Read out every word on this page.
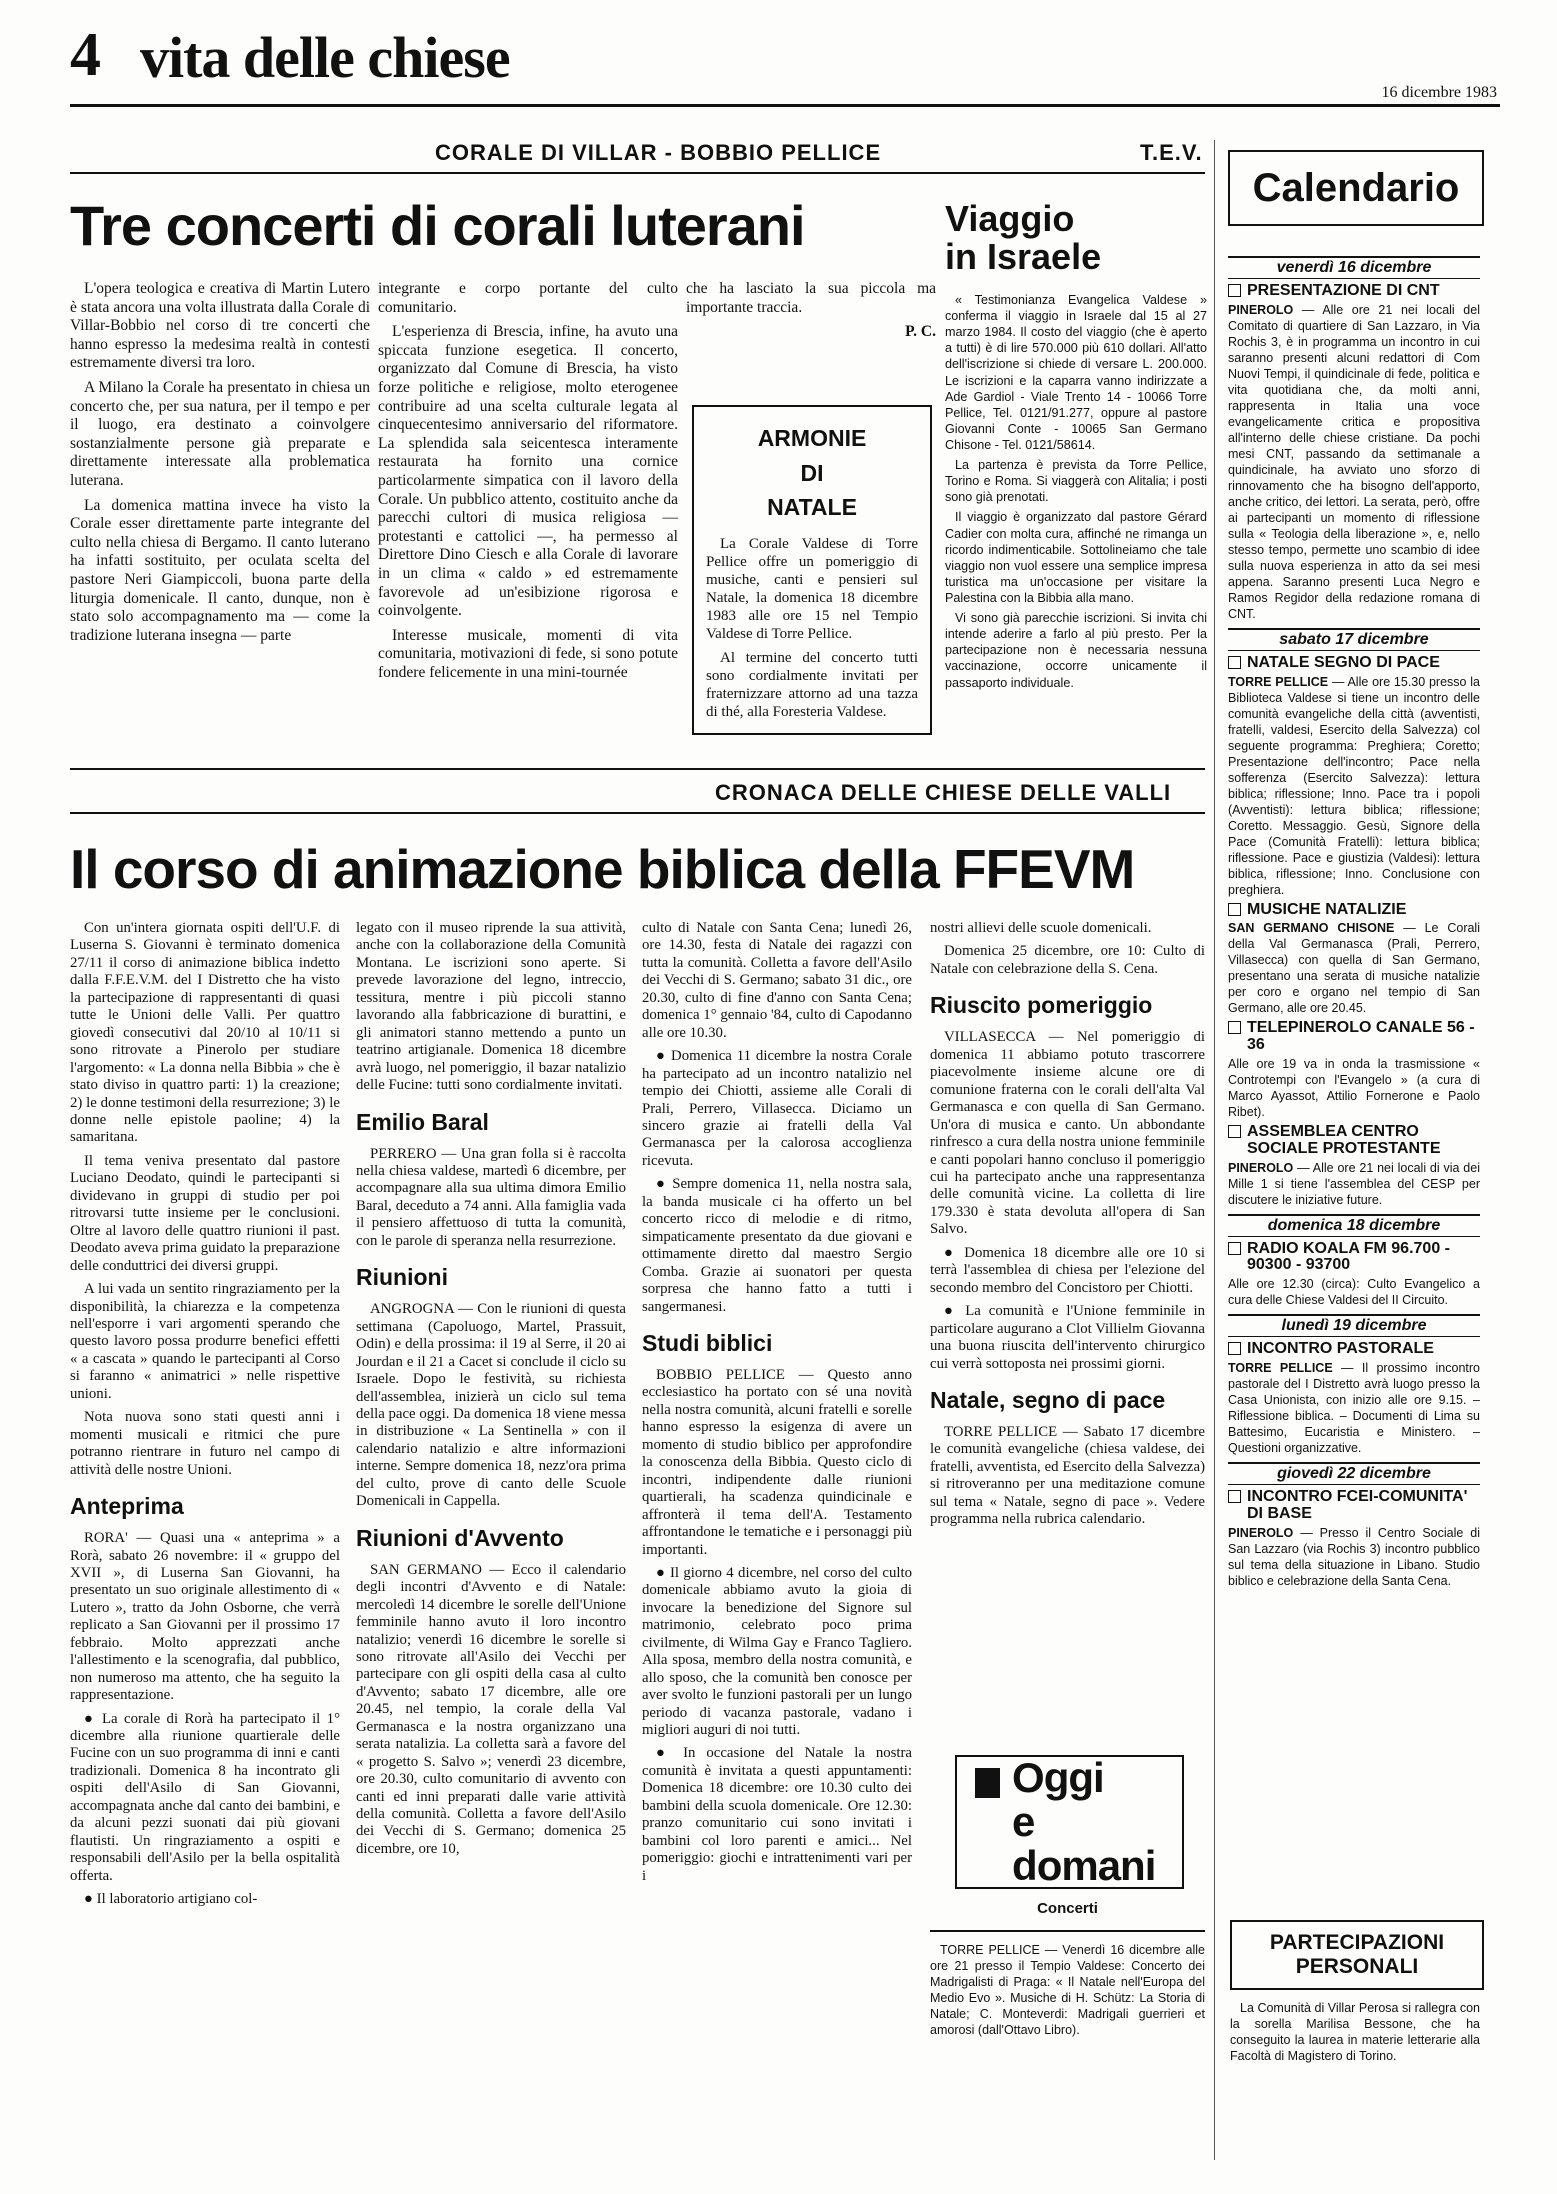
4 vita delle chiese
16 dicembre 1983
CORALE DI VILLAR - BOBBIO PELLICE
Tre concerti di corali luterani

L'opera teologica e creativa di Martin Lutero è stata ancora una volta illustrata dalla Corale di Villar-Bobbio nel corso di tre concerti che hanno espresso la medesima realtà in contesti estremamente diversi tra loro.

A Milano la Corale ha presentato in chiesa un concerto che, per sua natura, per il tempo e per il luogo, era destinato a coinvolgere sostanzialmente persone già preparate e direttamente interessate alla problematica luterana.

La domenica mattina invece ha visto la Corale esser direttamente parte integrante del culto nella chiesa di Bergamo. Il canto luterano ha infatti sostituito, per oculata scelta del pastore Neri Giampiccoli, buona parte della liturgia domenicale. Il canto, dunque, non è stato solo accompagnamento ma — come la tradizione luterana insegna — parte

integrante e corpo portante del culto comunitario.

L'esperienza di Brescia, infine, ha avuto una spiccata funzione esegetica. Il concerto, organizzato dal Comune di Brescia, ha visto forze politiche e religiose, molto eterogenee contribuire ad una scelta culturale legata al cinquecentesimo anniversario del riformatore. La splendida sala seicentesca interamente restaurata ha fornito una cornice particolarmente simpatica con il lavoro della Corale. Un pubblico attento, costituito anche da parecchi cultori di musica religiosa — protestanti e cattolici —, ha permesso al Direttore Dino Ciesch e alla Corale di lavorare in un clima « caldo » ed estremamente favorevole ad un'esibizione rigorosa e coinvolgente.

Interesse musicale, momenti di vita comunitaria, motivazioni di fede, si sono potute fondere felicemente in una mini-tournée

che ha lasciato la sua piccola ma importante traccia.

P. C.

ARMONIE
DI
NATALE

La Corale Valdese di Torre Pellice offre un pomeriggio di musiche, canti e pensieri sul Natale, la domenica 18 dicembre 1983 alle ore 15 nel Tempio Valdese di Torre Pellice.

Al termine del concerto tutti sono cordialmente invitati per fraternizzare attorno ad una tazza di thé, alla Foresteria Valdese.

T.E.V.
Viaggio
in Israele

« Testimonianza Evangelica Valdese » conferma il viaggio in Israele dal 15 al 27 marzo 1984. Il costo del viaggio (che è aperto a tutti) è di lire 570.000 più 610 dollari. All'atto dell'iscrizione si chiede di versare L. 200.000. Le iscrizioni e la caparra vanno indirizzate a Ade Gardiol - Viale Trento 14 - 10066 Torre Pellice, Tel. 0121/91.277, oppure al pastore Giovanni Conte - 10065 San Germano Chisone - Tel. 0121/58614.

La partenza è prevista da Torre Pellice, Torino e Roma. Si viaggerà con Alitalia; i posti sono già prenotati.

Il viaggio è organizzato dal pastore Gérard Cadier con molta cura, affinché ne rimanga un ricordo indimenticabile. Sottolineiamo che tale viaggio non vuol essere una semplice impresa turistica ma un'occasione per visitare la Palestina con la Bibbia alla mano.

Vi sono già parecchie iscrizioni. Si invita chi intende aderire a farlo al più presto. Per la partecipazione non è necessaria nessuna vaccinazione, occorre unicamente il passaporto individuale.

Calendario
venerdì 16 dicembre
PRESENTAZIONE DI CNT
PINEROLO — Alle ore 21 nei locali del Comitato di quartiere di San Lazzaro, in Via Rochis 3, è in programma un incontro in cui saranno presenti alcuni redattori di Com Nuovi Tempi, il quindicinale di fede, politica e vita quotidiana che, da molti anni, rappresenta in Italia una voce evangelicamente critica e propositiva all'interno delle chiese cristiane. Da pochi mesi CNT, passando da settimanale a quindicinale, ha avviato uno sforzo di rinnovamento che ha bisogno dell'apporto, anche critico, dei lettori. La serata, però, offre ai partecipanti un momento di riflessione sulla « Teologia della liberazione », e, nello stesso tempo, permette uno scambio di idee sulla nuova esperienza in atto da sei mesi appena. Saranno presenti Luca Negro e Ramos Regidor della redazione romana di CNT.
sabato 17 dicembre
NATALE SEGNO DI PACE
TORRE PELLICE — Alle ore 15.30 presso la Biblioteca Valdese si tiene un incontro delle comunità evangeliche della città (avventisti, fratelli, valdesi, Esercito della Salvezza) col seguente programma: Preghiera; Coretto; Presentazione dell'incontro; Pace nella sofferenza (Esercito Salvezza): lettura biblica; riflessione; Inno. Pace tra i popoli (Avventisti): lettura biblica; riflessione; Coretto. Messaggio. Gesù, Signore della Pace (Comunità Fratelli): lettura biblica; riflessione. Pace e giustizia (Valdesi): lettura biblica, riflessione; Inno. Conclusione con preghiera.
MUSICHE NATALIZIE
SAN GERMANO CHISONE — Le Corali della Val Germanasca (Prali, Perrero, Villasecca) con quella di San Germano, presentano una serata di musiche natalizie per coro e organo nel tempio di San Germano, alle ore 20.45.
TELEPINEROLO CANALE 56 - 36
Alle ore 19 va in onda la trasmissione « Controtempi con l'Evangelo » (a cura di Marco Ayassot, Attilio Fornerone e Paolo Ribet).
ASSEMBLEA CENTRO SOCIALE PROTESTANTE
PINEROLO — Alle ore 21 nei locali di via dei Mille 1 si tiene l'assemblea del CESP per discutere le iniziative future.
domenica 18 dicembre
RADIO KOALA FM 96.700 - 90300 - 93700
Alle ore 12.30 (circa): Culto Evangelico a cura delle Chiese Valdesi del II Circuito.
lunedì 19 dicembre
INCONTRO PASTORALE
TORRE PELLICE — Il prossimo incontro pastorale del I Distretto avrà luogo presso la Casa Unionista, con inizio alle ore 9.15. – Riflessione biblica. – Documenti di Lima su Battesimo, Eucaristia e Ministero. – Questioni organizzative.
giovedì 22 dicembre
INCONTRO FCEI-COMUNITA' DI BASE
PINEROLO — Presso il Centro Sociale di San Lazzaro (via Rochis 3) incontro pubblico sul tema della situazione in Libano. Studio biblico e celebrazione della Santa Cena.
PARTECIPAZIONI
PERSONALI
La Comunità di Villar Perosa si rallegra con la sorella Marilisa Bessone, che ha conseguito la laurea in materie letterarie alla Facoltà di Magistero di Torino.
CRONACA DELLE CHIESE DELLE VALLI
Il corso di animazione biblica della FFEVM

Con un'intera giornata ospiti dell'U.F. di Luserna S. Giovanni è terminato domenica 27/11 il corso di animazione biblica indetto dalla F.F.E.V.M. del I Distretto che ha visto la partecipazione di rappresentanti di quasi tutte le Unioni delle Valli. Per quattro giovedì consecutivi dal 20/10 al 10/11 si sono ritrovate a Pinerolo per studiare l'argomento: « La donna nella Bibbia » che è stato diviso in quattro parti: 1) la creazione; 2) le donne testimoni della resurrezione; 3) le donne nelle epistole paoline; 4) la samaritana.

Il tema veniva presentato dal pastore Luciano Deodato, quindi le partecipanti si dividevano in gruppi di studio per poi ritrovarsi tutte insieme per le conclusioni. Oltre al lavoro delle quattro riunioni il past. Deodato aveva prima guidato la preparazione delle conduttrici dei diversi gruppi.

A lui vada un sentito ringraziamento per la disponibilità, la chiarezza e la competenza nell'esporre i vari argomenti sperando che questo lavoro possa produrre benefici effetti « a cascata » quando le partecipanti al Corso si faranno « animatrici » nelle rispettive unioni.

Nota nuova sono stati questi anni i momenti musicali e ritmici che pure potranno rientrare in futuro nel campo di attività delle nostre Unioni.

Anteprima

RORA' — Quasi una « anteprima » a Rorà, sabato 26 novembre: il « gruppo del XVII », di Luserna San Giovanni, ha presentato un suo originale allestimento di « Lutero », tratto da John Osborne, che verrà replicato a San Giovanni per il prossimo 17 febbraio. Molto apprezzati anche l'allestimento e la scenografia, dal pubblico, non numeroso ma attento, che ha seguito la rappresentazione.

● La corale di Rorà ha partecipato il 1° dicembre alla riunione quartierale delle Fucine con un suo programma di inni e canti tradizionali. Domenica 8 ha incontrato gli ospiti dell'Asilo di San Giovanni, accompagnata anche dal canto dei bambini, e da alcuni pezzi suonati dai più giovani flautisti. Un ringraziamento a ospiti e responsabili dell'Asilo per la bella ospitalità offerta.

● Il laboratorio artigiano col-

legato con il museo riprende la sua attività, anche con la collaborazione della Comunità Montana. Le iscrizioni sono aperte. Si prevede lavorazione del legno, intreccio, tessitura, mentre i più piccoli stanno lavorando alla fabbricazione di burattini, e gli animatori stanno mettendo a punto un teatrino artigianale. Domenica 18 dicembre avrà luogo, nel pomeriggio, il bazar natalizio delle Fucine: tutti sono cordialmente invitati.

Emilio Baral

PERRERO — Una gran folla si è raccolta nella chiesa valdese, martedì 6 dicembre, per accompagnare alla sua ultima dimora Emilio Baral, deceduto a 74 anni. Alla famiglia vada il pensiero affettuoso di tutta la comunità, con le parole di speranza nella resurrezione.

Riunioni

ANGROGNA — Con le riunioni di questa settimana (Capoluogo, Martel, Prassuit, Odin) e della prossima: il 19 al Serre, il 20 ai Jourdan e il 21 a Cacet si conclude il ciclo su Israele. Dopo le festività, su richiesta dell'assemblea, inizierà un ciclo sul tema della pace oggi. Da domenica 18 viene messa in distribuzione « La Sentinella » con il calendario natalizio e altre informazioni interne. Sempre domenica 18, nezz'ora prima del culto, prove di canto delle Scuole Domenicali in Cappella.

Riunioni d'Avvento

SAN GERMANO — Ecco il calendario degli incontri d'Avvento e di Natale: mercoledì 14 dicembre le sorelle dell'Unione femminile hanno avuto il loro incontro natalizio; venerdì 16 dicembre le sorelle si sono ritrovate all'Asilo dei Vecchi per partecipare con gli ospiti della casa al culto d'Avvento; sabato 17 dicembre, alle ore 20.45, nel tempio, la corale della Val Germanasca e la nostra organizzano una serata natalizia. La colletta sarà a favore del « progetto S. Salvo »; venerdì 23 dicembre, ore 20.30, culto comunitario di avvento con canti ed inni preparati dalle varie attività della comunità. Colletta a favore dell'Asilo dei Vecchi di S. Germano; domenica 25 dicembre, ore 10,

culto di Natale con Santa Cena; lunedì 26, ore 14.30, festa di Natale dei ragazzi con tutta la comunità. Colletta a favore dell'Asilo dei Vecchi di S. Germano; sabato 31 dic., ore 20.30, culto di fine d'anno con Santa Cena; domenica 1° gennaio '84, culto di Capodanno alle ore 10.30.

● Domenica 11 dicembre la nostra Corale ha partecipato ad un incontro natalizio nel tempio dei Chiotti, assieme alle Corali di Prali, Perrero, Villasecca. Diciamo un sincero grazie ai fratelli della Val Germanasca per la calorosa accoglienza ricevuta.

● Sempre domenica 11, nella nostra sala, la banda musicale ci ha offerto un bel concerto ricco di melodie e di ritmo, simpaticamente presentato da due giovani e ottimamente diretto dal maestro Sergio Comba. Grazie ai suonatori per questa sorpresa che hanno fatto a tutti i sangermanesi.

Studi biblici

BOBBIO PELLICE — Questo anno ecclesiastico ha portato con sé una novità nella nostra comunità, alcuni fratelli e sorelle hanno espresso la esigenza di avere un momento di studio biblico per approfondire la conoscenza della Bibbia. Questo ciclo di incontri, indipendente dalle riunioni quartierali, ha scadenza quindicinale e affronterà il tema dell'A. Testamento affrontandone le tematiche e i personaggi più importanti.

● Il giorno 4 dicembre, nel corso del culto domenicale abbiamo avuto la gioia di invocare la benedizione del Signore sul matrimonio, celebrato poco prima civilmente, di Wilma Gay e Franco Tagliero. Alla sposa, membro della nostra comunità, e allo sposo, che la comunità ben conosce per aver svolto le funzioni pastorali per un lungo periodo di vacanza pastorale, vadano i migliori auguri di noi tutti.

● In occasione del Natale la nostra comunità è invitata a questi appuntamenti: Domenica 18 dicembre: ore 10.30 culto dei bambini della scuola domenicale. Ore 12.30: pranzo comunitario cui sono invitati i bambini col loro parenti e amici... Nel pomeriggio: giochi e intrattenimenti vari per i

nostri allievi delle scuole domenicali.

Domenica 25 dicembre, ore 10: Culto di Natale con celebrazione della S. Cena.

Riuscito pomeriggio

VILLASECCA — Nel pomeriggio di domenica 11 abbiamo potuto trascorrere piacevolmente insieme alcune ore di comunione fraterna con le corali dell'alta Val Germanasca e con quella di San Germano. Un'ora di musica e canto. Un abbondante rinfresco a cura della nostra unione femminile e canti popolari hanno concluso il pomeriggio cui ha partecipato anche una rappresentanza delle comunità vicine. La colletta di lire 179.330 è stata devoluta all'opera di San Salvo.

● Domenica 18 dicembre alle ore 10 si terrà l'assemblea di chiesa per l'elezione del secondo membro del Concistoro per Chiotti.

● La comunità e l'Unione femminile in particolare augurano a Clot Villielm Giovanna una buona riuscita dell'intervento chirurgico cui verrà sottoposta nei prossimi giorni.

Natale, segno di pace

TORRE PELLICE — Sabato 17 dicembre le comunità evangeliche (chiesa valdese, dei fratelli, avventista, ed Esercito della Salvezza) si ritroveranno per una meditazione comune sul tema « Natale, segno di pace ». Vedere programma nella rubrica calendario.

Oggi
e domani
Concerti
TORRE PELLICE — Venerdì 16 dicembre alle ore 21 presso il Tempio Valdese: Concerto dei Madrigalisti di Praga: « Il Natale nell'Europa del Medio Evo ». Musiche di H. Schütz: La Storia di Natale; C. Monteverdi: Madrigali guerrieri et amorosi (dall'Ottavo Libro).
